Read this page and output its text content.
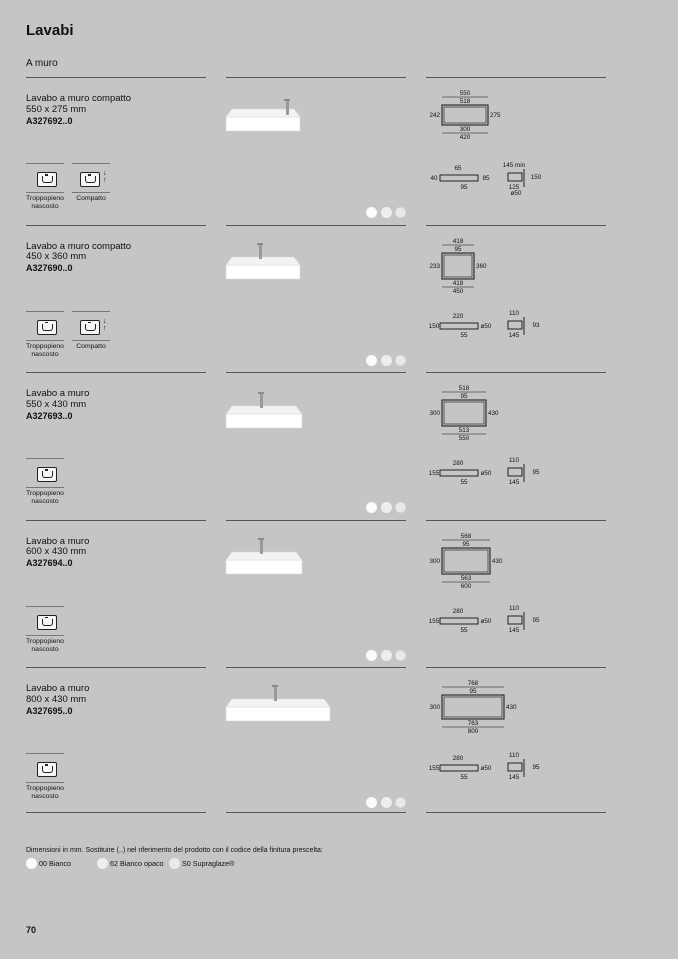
Lavabi
A muro
Lavabo a muro compatto
550 x 275 mm
A327692..0
550
518
242	275
300
420
65
40	85
95
145 min
150
125
ø50
Troppopieno
nascosto
↓
↑
Compatto
Lavabo a muro compatto
450 x 360 mm
A327690..0
418
95
233	360
418
450
220
150	ø50
55
110
93
145
Troppopieno
nascosto
↓
↑
Compatto
Lavabo a muro
550 x 430 mm
A327693..0
518
95
300	430
513
550
280
155	ø50
55
110
95
145
Troppopieno
nascosto
Lavabo a muro
600 x 430 mm
A327694..0
568
95
300	430
563
600
280
155	ø50
55
110
95
145
Troppopieno
nascosto
Lavabo a muro
800 x 430 mm
A327695..0
768
95
300	430
763
800
280
155	ø50
55
110
95
145
Troppopieno
nascosto
Dimensioni in mm. Sostituire (..) nel riferimento del prodotto con il codice della finitura prescelta:
00 Bianco	62 Bianco opaco	S0 Supraglaze®
70
